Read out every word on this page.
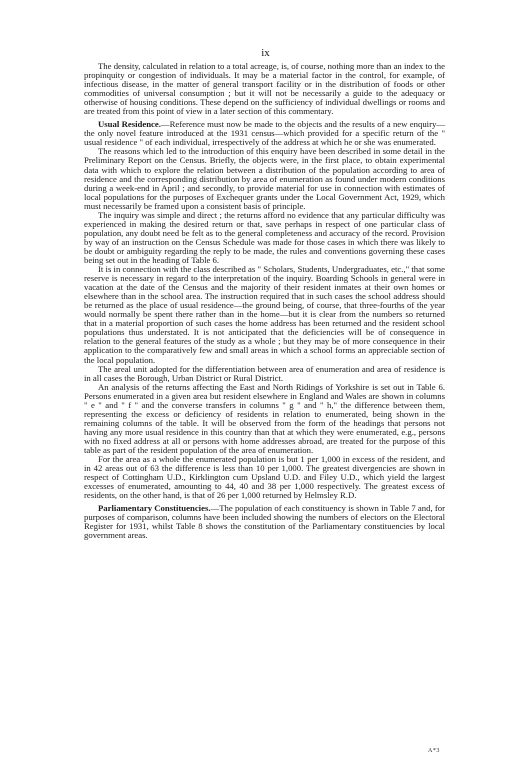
ix

The density, calculated in relation to a total acreage, is, of course, nothing more than an index to the propinquity or congestion of individuals. It may be a material factor in the control, for example, of infectious disease, in the matter of general transport facility or in the distribution of foods or other commodities of universal consumption ; but it will not be necessarily a guide to the adequacy or otherwise of housing conditions. These depend on the sufficiency of individual dwellings or rooms and are treated from this point of view in a later section of this commentary.

Usual Residence.—Reference must now be made to the objects and the results of a new enquiry—the only novel feature introduced at the 1931 census—which provided for a specific return of the " usual residence " of each individual, irrespectively of the address at which he or she was enumerated.

The reasons which led to the introduction of this enquiry have been described in some detail in the Preliminary Report on the Census. Briefly, the objects were, in the first place, to obtain experimental data with which to explore the relation between a distribution of the population according to area of residence and the corresponding distribution by area of enumeration as found under modern conditions during a week-end in April ; and secondly, to provide material for use in connection with estimates of local populations for the purposes of Exchequer grants under the Local Government Act, 1929, which must necessarily be framed upon a consistent basis of principle.

The inquiry was simple and direct ; the returns afford no evidence that any particular difficulty was experienced in making the desired return or that, save perhaps in respect of one particular class of population, any doubt need be felt as to the general completeness and accuracy of the record. Provision by way of an instruction on the Census Schedule was made for those cases in which there was likely to be doubt or ambiguity regarding the reply to be made, the rules and conventions governing these cases being set out in the heading of Table 6.

It is in connection with the class described as " Scholars, Students, Undergraduates, etc.," that some reserve is necessary in regard to the interpretation of the inquiry. Boarding Schools in general were in vacation at the date of the Census and the majority of their resident inmates at their own homes or elsewhere than in the school area. The instruction required that in such cases the school address should be returned as the place of usual residence—the ground being, of course, that three-fourths of the year would normally be spent there rather than in the home—but it is clear from the numbers so returned that in a material proportion of such cases the home address has been returned and the resident school populations thus understated. It is not anticipated that the deficiencies will be of consequence in relation to the general features of the study as a whole ; but they may be of more consequence in their application to the comparatively few and small areas in which a school forms an appreciable section of the local population.

The areal unit adopted for the differentiation between area of enumeration and area of residence is in all cases the Borough, Urban District or Rural District.

An analysis of the returns affecting the East and North Ridings of Yorkshire is set out in Table 6. Persons enumerated in a given area but resident elsewhere in England and Wales are shown in columns " e " and " f " and the converse transfers in columns " g " and " h," the difference between them, representing the excess or deficiency of residents in relation to enumerated, being shown in the remaining columns of the table. It will be observed from the form of the headings that persons not having any more usual residence in this country than that at which they were enumerated, e.g., persons with no fixed address at all or persons with home addresses abroad, are treated for the purpose of this table as part of the resident population of the area of enumeration.

For the area as a whole the enumerated population is but 1 per 1,000 in excess of the resident, and in 42 areas out of 63 the difference is less than 10 per 1,000. The greatest divergencies are shown in respect of Cottingham U.D., Kirklington cum Upsland U.D. and Filey U.D., which yield the largest excesses of enumerated, amounting to 44, 40 and 38 per 1,000 respectively. The greatest excess of residents, on the other hand, is that of 26 per 1,000 returned by Helmsley R.D.

Parliamentary Constituencies.—The population of each constituency is shown in Table 7 and, for purposes of comparison, columns have been included showing the numbers of electors on the Electoral Register for 1931, whilst Table 8 shows the constitution of the Parliamentary constituencies by local government areas.

A*3
